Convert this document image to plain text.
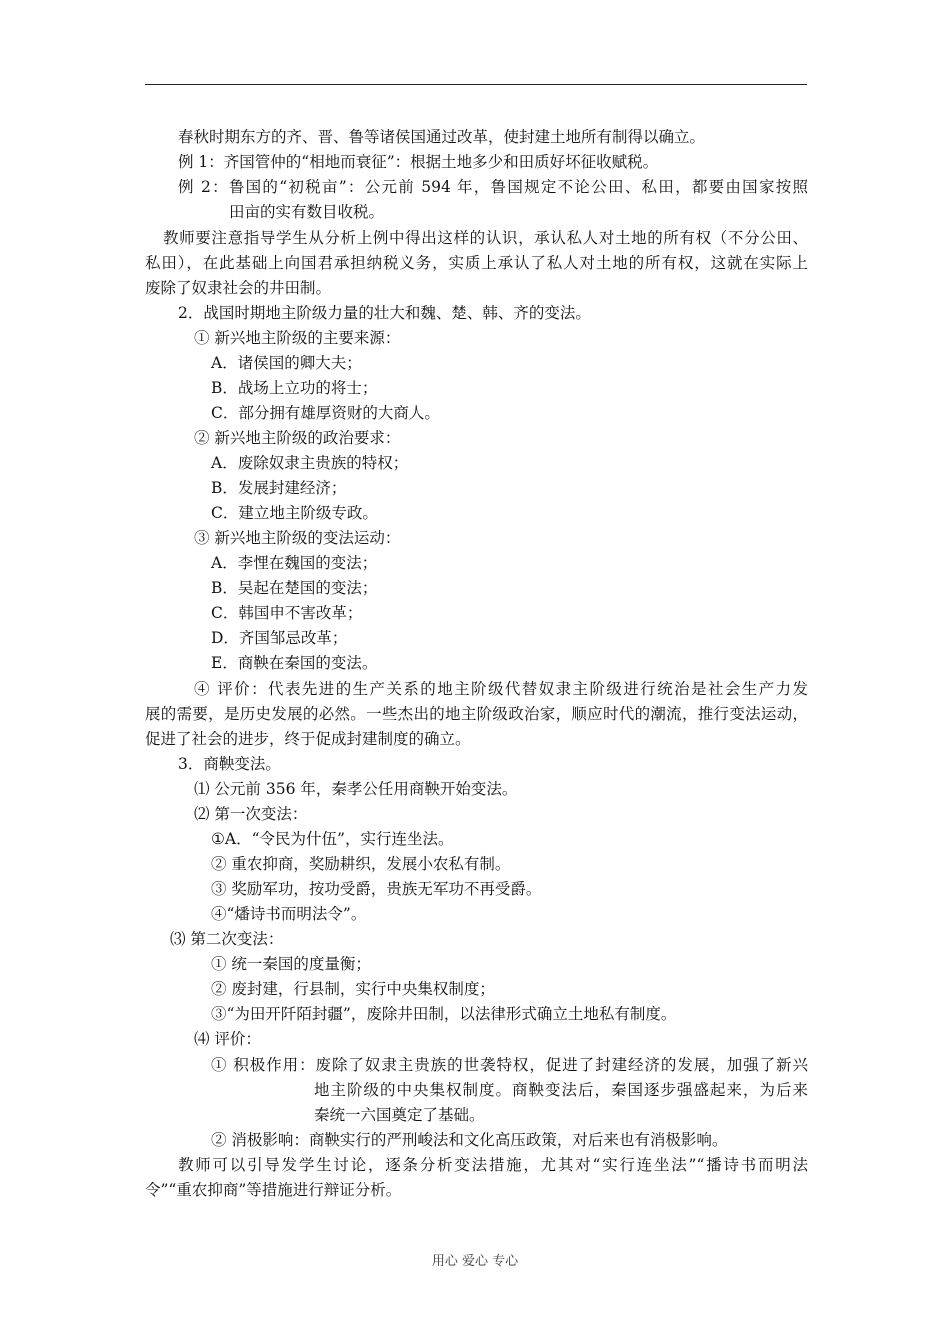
春秋时期东方的齐、晋、鲁等诸侯国通过改革，使封建土地所有制得以确立。
例 1：齐国管仲的“相地而衰征”：根据土地多少和田质好坏征收赋税。
例 2：鲁国的“初税亩”：公元前 594 年，鲁国规定不论公田、私田，都要由国家按照
田亩的实有数目收税。
教师要注意指导学生从分析上例中得出这样的认识，承认私人对土地的所有权（不分公田、
私田），在此基础上向国君承担纳税义务，实质上承认了私人对土地的所有权，这就在实际上
废除了奴隶社会的井田制。
2．战国时期地主阶级力量的壮大和魏、楚、韩、齐的变法。
① 新兴地主阶级的主要来源：
A．诸侯国的卿大夫；
B．战场上立功的将士；
C．部分拥有雄厚资财的大商人。
② 新兴地主阶级的政治要求：
A．废除奴隶主贵族的特权；
B．发展封建经济；
C．建立地主阶级专政。
③ 新兴地主阶级的变法运动：
A．李悝在魏国的变法；
B．吴起在楚国的变法；
C．韩国申不害改革；
D．齐国邹忌改革；
E．商鞅在秦国的变法。
④ 评价：代表先进的生产关系的地主阶级代替奴隶主阶级进行统治是社会生产力发
展的需要，是历史发展的必然。一些杰出的地主阶级政治家，顺应时代的潮流，推行变法运动，
促进了社会的进步，终于促成封建制度的确立。
3．商鞅变法。
⑴ 公元前 356 年，秦孝公任用商鞅开始变法。
⑵ 第一次变法：
①A．“令民为什伍”，实行连坐法。
② 重农抑商，奖励耕织，发展小农私有制。
③ 奖励军功，按功受爵，贵族无军功不再受爵。
④“燔诗书而明法令”。
⑶ 第二次变法：
① 统一秦国的度量衡；
② 废封建，行县制，实行中央集权制度；
③“为田开阡陌封疆”，废除井田制，以法律形式确立土地私有制度。
⑷ 评价：
① 积极作用：废除了奴隶主贵族的世袭特权，促进了封建经济的发展，加强了新兴
地主阶级的中央集权制度。商鞅变法后，秦国逐步强盛起来，为后来
秦统一六国奠定了基础。
② 消极影响：商鞅实行的严刑峻法和文化高压政策，对后来也有消极影响。
教师可以引导发学生讨论，逐条分析变法措施，尤其对“实行连坐法”“播诗书而明法
令”“重农抑商”等措施进行辩证分析。
用心 爱心 专心
